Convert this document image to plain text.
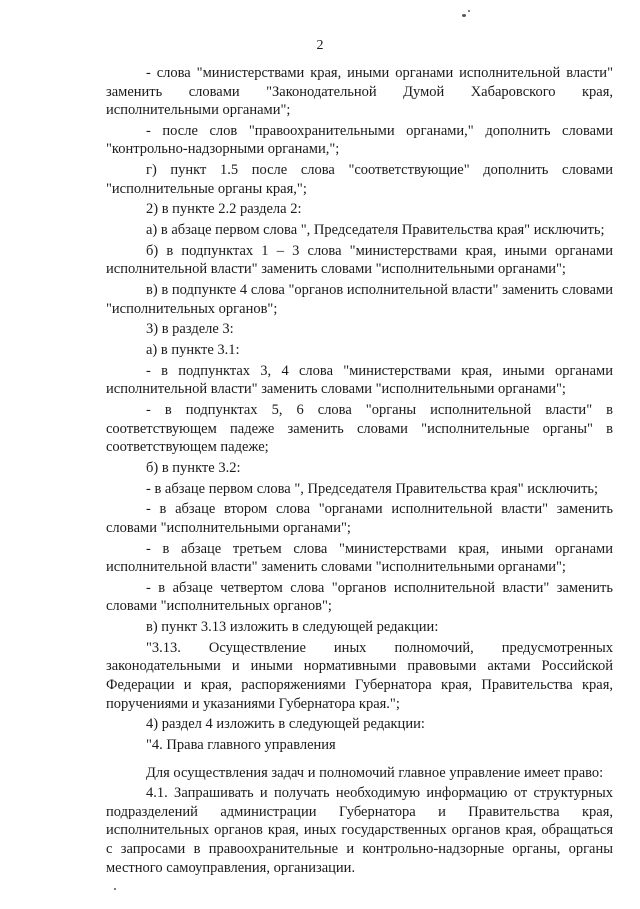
2

- слова "министерствами края, иными органами исполнительной власти" заменить словами "Законодательной Думой Хабаровского края, исполнительными органами";

- после слов "правоохранительными органами," дополнить словами "контрольно-надзорными органами,";

г) пункт 1.5 после слова "соответствующие" дополнить словами "исполнительные органы края,";

2) в пункте 2.2 раздела 2:

а) в абзаце первом слова ", Председателя Правительства края" исключить;

б) в подпунктах 1 – 3 слова "министерствами края, иными органами исполнительной власти" заменить словами "исполнительными органами";

в) в подпункте 4 слова "органов исполнительной власти" заменить словами "исполнительных органов";

3) в разделе 3:

а) в пункте 3.1:

- в подпунктах 3, 4 слова "министерствами края, иными органами исполнительной власти" заменить словами "исполнительными органами";

- в подпунктах 5, 6 слова "органы исполнительной власти" в соответствующем падеже заменить словами "исполнительные органы" в соответствующем падеже;

б) в пункте 3.2:

- в абзаце первом слова ", Председателя Правительства края" исключить;

- в абзаце втором слова "органами исполнительной власти" заменить словами "исполнительными органами";

- в абзаце третьем слова "министерствами края, иными органами исполнительной власти" заменить словами "исполнительными органами";

- в абзаце четвертом слова "органов исполнительной власти" заменить словами "исполнительных органов";

в) пункт 3.13 изложить в следующей редакции:

"3.13. Осуществление иных полномочий, предусмотренных законодательными и иными нормативными правовыми актами Российской Федерации и края, распоряжениями Губернатора края, Правительства края, поручениями и указаниями Губернатора края.";

4) раздел 4 изложить в следующей редакции:

"4. Права главного управления

Для осуществления задач и полномочий главное управление имеет право:

4.1. Запрашивать и получать необходимую информацию от структурных подразделений администрации Губернатора и Правительства края, исполнительных органов края, иных государственных органов края, обращаться с запросами в правоохранительные и контрольно-надзорные органы, органы местного самоуправления, организации.
